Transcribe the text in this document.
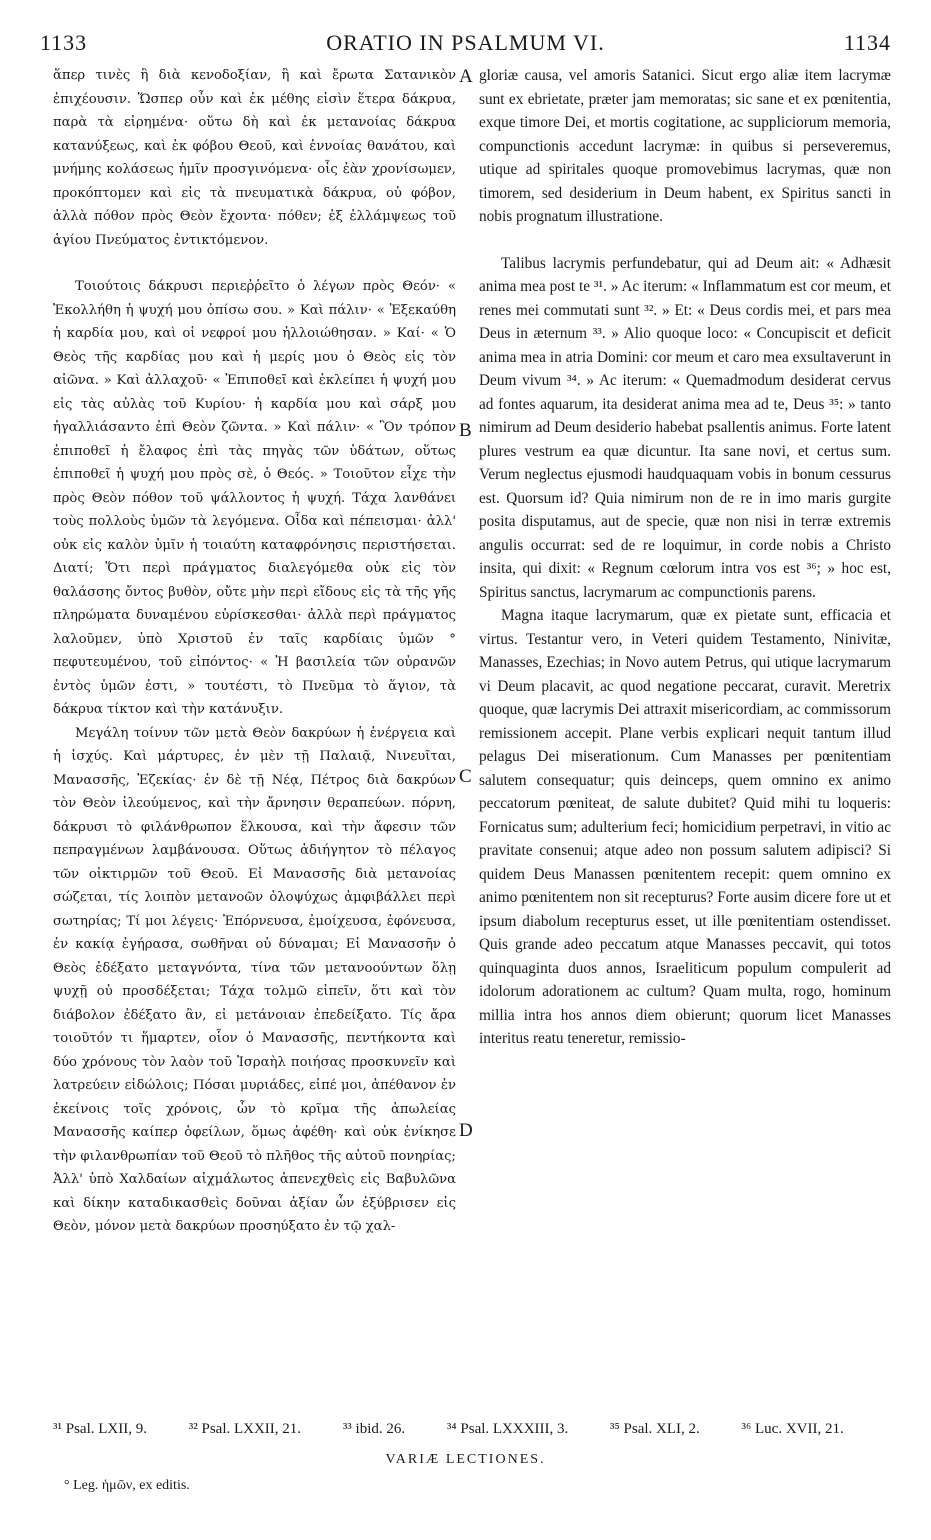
1133	ORATIO IN PSALMUM VI.	1134

ἅπερ τινὲς ἢ διὰ κενοδοξίαν, ἢ καὶ ἔρωτα Σατανικὸν ἐπιχέουσιν. Ὥσπερ οὖν καὶ ἐκ μέθης εἰσὶν ἕτερα δάκρυα, παρὰ τὰ εἰρημένα· οὕτω δὴ καὶ ἐκ μετανοίας δάκρυα κατανύξεως, καὶ ἐκ φόβου Θεοῦ, καὶ ἐννοίας θανάτου, καὶ μνήμης κολάσεως ἡμῖν προσγινόμενα· οἷς ἐὰν χρονίσωμεν, προκόπτομεν καὶ εἰς τὰ πνευματικὰ δάκρυα, οὐ φόβον, ἀλλὰ πόθον πρὸς Θεὸν ἔχοντα· πόθεν; ἐξ ἐλλάμψεως τοῦ ἁγίου Πνεύματος ἐντικτόμενον.

Τοιούτοις δάκρυσι περιεῤῥεῖτο ὁ λέγων πρὸς Θεόν· « Ἐκολλήθη ἡ ψυχή μου ὀπίσω σου. » Καὶ πάλιν· « Ἐξεκαύθη ἡ καρδία μου, καὶ οἱ νεφροί μου ἠλλοιώθησαν. » Καί· « Ὁ Θεὸς τῆς καρδίας μου καὶ ἡ μερίς μου ὁ Θεὸς εἰς τὸν αἰῶνα. » Καὶ ἀλλαχοῦ· « Ἐπιποθεῖ καὶ ἐκλείπει ἡ ψυχή μου εἰς τὰς αὐλὰς τοῦ Κυρίου· ἡ καρδία μου καὶ σάρξ μου ἠγαλλιάσαντο ἐπὶ Θεὸν ζῶντα. » Καὶ πάλιν· « Ὃν τρόπον ἐπιποθεῖ ἡ ἔλαφος ἐπὶ τὰς πηγὰς τῶν ὑδάτων, οὕτως ἐπιποθεῖ ἡ ψυχή μου πρὸς σὲ, ὁ Θεός. » Τοιοῦτον εἶχε τὴν πρὸς Θεὸν πόθον τοῦ ψάλλοντος ἡ ψυχή. Τάχα λανθάνει τοὺς πολλοὺς ὑμῶν τὰ λεγόμενα. Οἶδα καὶ πέπεισμαι· ἀλλ' οὐκ εἰς καλὸν ὑμῖν ἡ τοιαύτη καταφρόνησις περιστήσεται. Διατί; Ὅτι περὶ πράγματος διαλεγόμεθα οὐκ εἰς τὸν θαλάσσης ὄντος βυθὸν, οὔτε μὴν περὶ εἴδους εἰς τὰ τῆς γῆς πληρώματα δυναμένου εὑρίσκεσθαι· ἀλλὰ περὶ πράγματος λαλοῦμεν, ὑπὸ Χριστοῦ ἐν ταῖς καρδίαις ὑμῶν ° πεφυτευμένου, τοῦ εἰπόντος· « Ἡ βασιλεία τῶν οὐρανῶν ἐντὸς ὑμῶν ἐστι, » τουτέστι, τὸ Πνεῦμα τὸ ἅγιον, τὰ δάκρυα τίκτον καὶ τὴν κατάνυξιν.

Μεγάλη τοίνυν τῶν μετὰ Θεὸν δακρύων ἡ ἐνέργεια καὶ ἡ ἰσχύς. Καὶ μάρτυρες, ἐν μὲν τῇ Παλαιᾷ, Νινευῖται, Μανασσῆς, Ἐζεκίας· ἐν δὲ τῇ Νέᾳ, Πέτρος διὰ δακρύων τὸν Θεὸν ἱλεούμενος, καὶ τὴν ἄρνησιν θεραπεύων. πόρνη, δάκρυσι τὸ φιλάνθρωπον ἕλκουσα, καὶ τὴν ἄφεσιν τῶν πεπραγμένων λαμβάνουσα. Οὕτως ἀδιήγητον τὸ πέλαγος τῶν οἰκτιρμῶν τοῦ Θεοῦ. Εἰ Μανασσῆς διὰ μετανοίας σώζεται, τίς λοιπὸν μετανοῶν ὁλοψύχως ἀμφιβάλλει περὶ σωτηρίας; Τί μοι λέγεις· Ἐπόρνευσα, ἐμοίχευσα, ἐφόνευσα, ἐν κακίᾳ ἐγήρασα, σωθῆναι οὐ δύναμαι; Εἰ Μανασσῆν ὁ Θεὸς ἐδέξατο μεταγνόντα, τίνα τῶν μετανοούντων ὅλῃ ψυχῇ οὐ προσδέξεται; Τάχα τολμῶ εἰπεῖν, ὅτι καὶ τὸν διάβολον ἐδέξατο ἂν, εἰ μετάνοιαν ἐπεδείξατο. Τίς ἄρα τοιοῦτόν τι ἥμαρτεν, οἷον ὁ Μανασσῆς, πεντήκοντα καὶ δύο χρόνους τὸν λαὸν τοῦ Ἰσραὴλ ποιήσας προσκυνεῖν καὶ λατρεύειν εἰδώλοις; Πόσαι μυριάδες, εἰπέ μοι, ἀπέθανον ἐν ἐκείνοις τοῖς χρόνοις, ὧν τὸ κρῖμα τῆς ἀπωλείας Μανασσῆς καίπερ ὀφείλων, ὅμως ἀφέθη· καὶ οὐκ ἐνίκησε τὴν φιλανθρωπίαν τοῦ Θεοῦ τὸ πλῆθος τῆς αὐτοῦ πονηρίας; Ἀλλ' ὑπὸ Χαλδαίων αἰχμάλωτος ἀπενεχθεὶς εἰς Βαβυλῶνα καὶ δίκην καταδικασθεὶς δοῦναι ἀξίαν ὧν ἐξύβρισεν εἰς Θεὸν, μόνον μετὰ δακρύων προσηύξατο ἐν τῷ χαλ-

A
B
C
D

gloriæ causa, vel amoris Satanici. Sicut ergo aliæ item lacrymæ sunt ex ebrietate, præter jam memoratas; sic sane et ex pœnitentia, exque timore Dei, et mortis cogitatione, ac suppliciorum memoria, compunctionis accedunt lacrymæ: in quibus si perseveremus, utique ad spiritales quoque promovebimus lacrymas, quæ non timorem, sed desiderium in Deum habent, ex Spiritus sancti in nobis prognatum illustratione.

Talibus lacrymis perfundebatur, qui ad Deum ait: « Adhæsit anima mea post te ³¹. » Ac iterum: « Inflammatum est cor meum, et renes mei commutati sunt ³². » Et: « Deus cordis mei, et pars mea Deus in æternum ³³. » Alio quoque loco: « Concupiscit et deficit anima mea in atria Domini: cor meum et caro mea exsultaverunt in Deum vivum ³⁴. » Ac iterum: « Quemadmodum desiderat cervus ad fontes aquarum, ita desiderat anima mea ad te, Deus ³⁵: » tanto nimirum ad Deum desiderio habebat psallentis animus. Forte latent plures vestrum ea quæ dicuntur. Ita sane novi, et certus sum. Verum neglectus ejusmodi haudquaquam vobis in bonum cessurus est. Quorsum id? Quia nimirum non de re in imo maris gurgite posita disputamus, aut de specie, quæ non nisi in terræ extremis angulis occurrat: sed de re loquimur, in corde nobis a Christo insita, qui dixit: « Regnum cœlorum intra vos est ³⁶; » hoc est, Spiritus sanctus, lacrymarum ac compunctionis parens.

Magna itaque lacrymarum, quæ ex pietate sunt, efficacia et virtus. Testantur vero, in Veteri quidem Testamento, Ninivitæ, Manasses, Ezechias; in Novo autem Petrus, qui utique lacrymarum vi Deum placavit, ac quod negatione peccarat, curavit. Meretrix quoque, quæ lacrymis Dei attraxit misericordiam, ac commissorum remissionem accepit. Plane verbis explicari nequit tantum illud pelagus Dei miserationum. Cum Manasses per pœnitentiam salutem consequatur; quis deinceps, quem omnino ex animo peccatorum pœniteat, de salute dubitet? Quid mihi tu loqueris: Fornicatus sum; adulterium feci; homicidium perpetravi, in vitio ac pravitate consenui; atque adeo non possum salutem adipisci? Si quidem Deus Manassen pœnitentem recepit: quem omnino ex animo pœnitentem non sit recepturus? Forte ausim dicere fore ut et ipsum diabolum recepturus esset, ut ille pœnitentiam ostendisset. Quis grande adeo peccatum atque Manasses peccavit, qui totos quinquaginta duos annos, Israeliticum populum compulerit ad idolorum adorationem ac cultum? Quam multa, rogo, hominum millia intra hos annos diem obierunt; quorum licet Manasses interitus reatu teneretur, remissio-

³¹ Psal. LXII, 9.	³² Psal. LXXII, 21.	³³ ibid. 26.	³⁴ Psal. LXXXIII, 3.	³⁵ Psal. XLI, 2.	³⁶ Luc. XVII, 21.
VARIÆ LECTIONES.
° Leg. ἡμῶν, ex editis.
